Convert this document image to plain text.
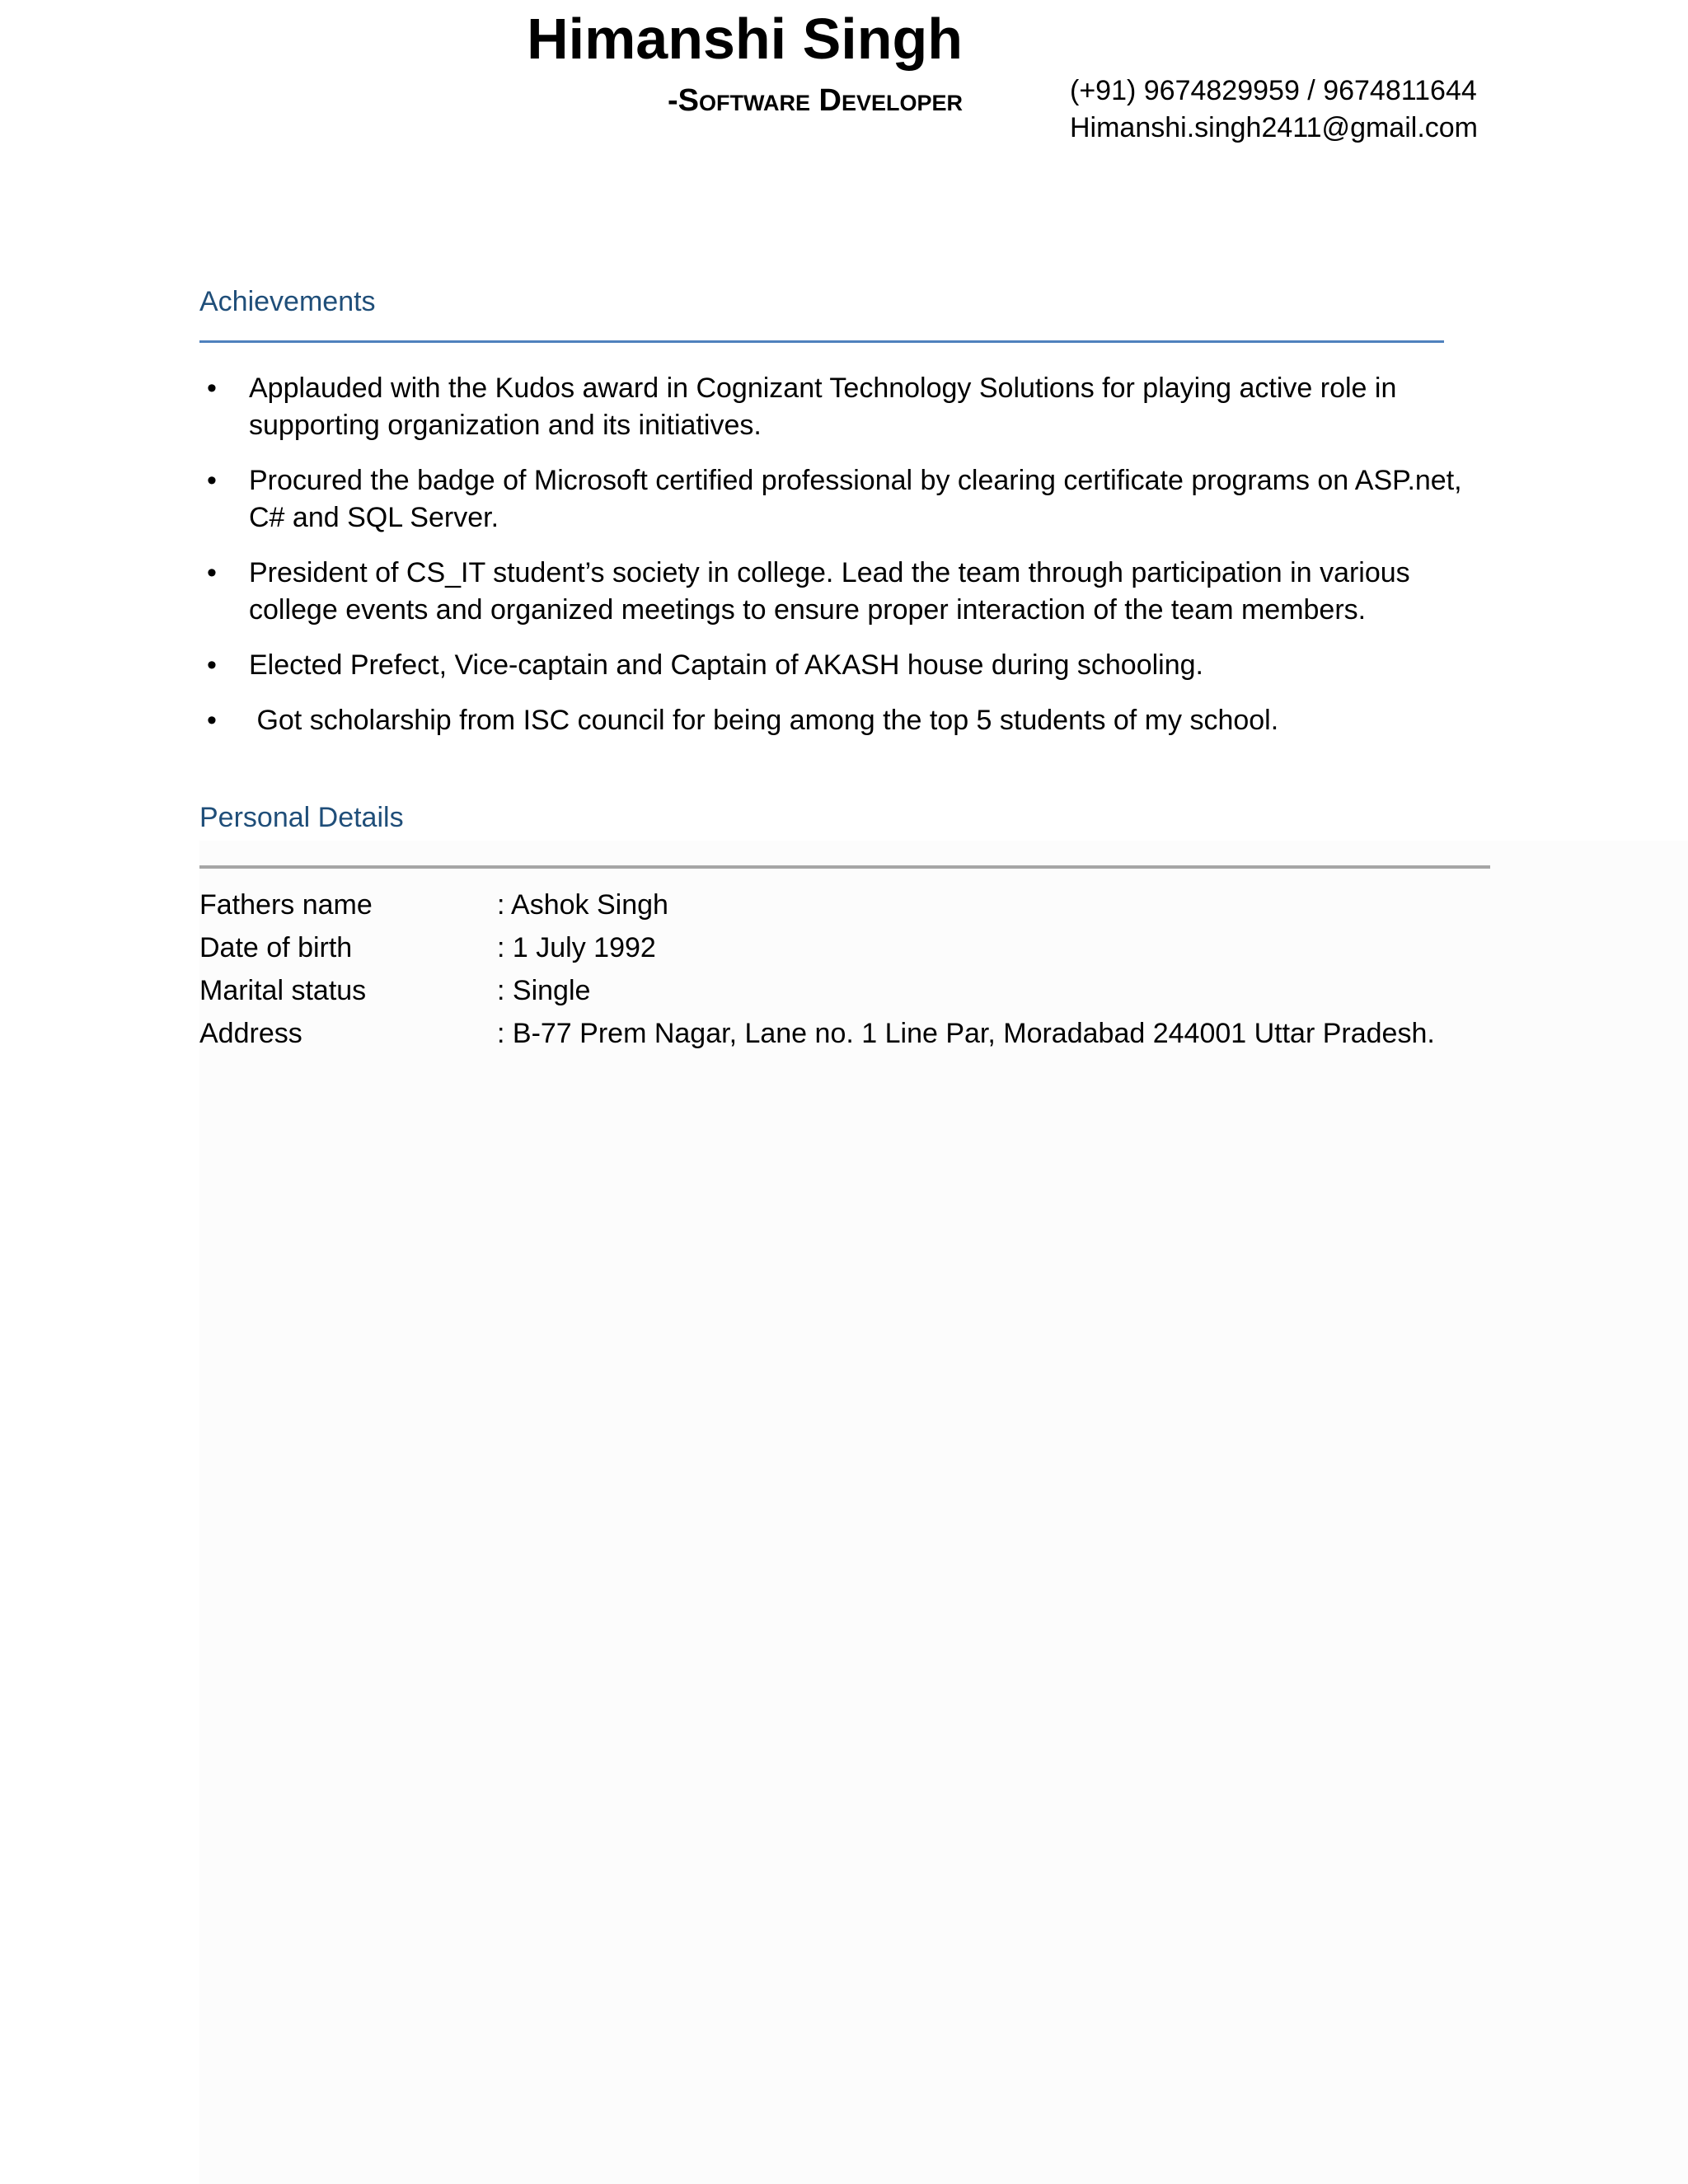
Himanshi Singh
-Software Developer	(+91) 9674829959 / 9674811644
Himanshi.singh2411@gmail.com
Achievements
• Applauded with the Kudos award in Cognizant Technology Solutions for playing active role in supporting organization and its initiatives.
• Procured the badge of Microsoft certified professional by clearing certificate programs on ASP.net, C# and SQL Server.
• President of CS_IT student’s society in college. Lead the team through participation in various college events and organized meetings to ensure proper interaction of the team members.
• Elected Prefect, Vice-captain and Captain of AKASH house during schooling.
• Got scholarship from ISC council for being among the top 5 students of my school.
Personal Details
Fathers name	: Ashok Singh
Date of birth	: 1 July 1992
Marital status	: Single
Address	: B-77 Prem Nagar, Lane no. 1 Line Par, Moradabad 244001 Uttar Pradesh.
